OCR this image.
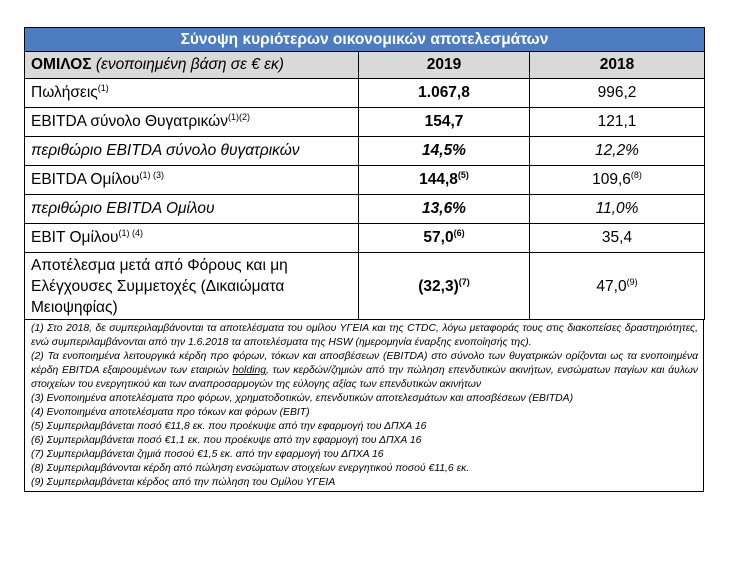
Σύνοψη κυριότερων οικονομικών αποτελεσμάτων		
ΟΜΙΛΟΣ (ενοποιημένη βάση σε € εκ)	2019	2018
Πωλήσεις$^{(1)}$	1.067,8	996,2
EBITDA σύνολο Θυγατρικών$^{(1)(2)}$	154,7	121,1
περιθώριο EBITDA σύνολο θυγατρικών	14,5%	12,2%
EBITDA Ομίλου$^{(1) (3)}$	144,8$^{(5)}$	109,6$^{(8)}$
περιθώριο EBITDA Ομίλου	13,6%	11,0%
EBIT Ομίλου$^{(1) (4)}$	57,0$^{(6)}$	35,4
Αποτέλεσμα μετά από Φόρους και μη Ελέγχουσες Συμμετοχές (Δικαιώματα Μειοψηφίας)	$(32,3)^{(7)}$	47,0$^{(9)}$
(1) Στο 2018, δε συμπεριλαμβάνονται τα αποτελέσματα του ομίλου ΥΓΕΙΑ και της CTDC, λόγω μεταφοράς τους στις διακοπείσες δραστηριότητες, ενώ συμπεριλαμβάνονται από την 1.6.2018 τα αποτελέσματα της HSW (ημερομηνία έναρξης ενοποίησής της).
(2) Τα ενοποιημένα λειτουργικά κέρδη προ φόρων, τόκων και αποσβέσεων (EBITDA) στο σύνολο των θυγατρικών ορίζονται ως τα ενοποιημένα κέρδη EBITDA εξαιρουμένων των εταιριών holding, των κερδών/ζημιών από την πώληση επενδυτικών ακινήτων, ενσώματων παγίων και άυλων στοιχείων του ενεργητικού και των αναπροσαρμογών της εύλογης αξίας των επενδυτικών ακινήτων
(3) Ενοποιημένα αποτελέσματα προ φόρων, χρηματοδοτικών, επενδυτικών αποτελεσμάτων και αποσβέσεων (EBITDA)
(4) Ενοποιημένα αποτελέσματα προ τόκων και φόρων (EBIT)
(5) Συμπεριλαμβάνεται ποσό €11,8 εκ. που προέκυψε από την εφαρμογή του ΔΠΧΑ 16
(6) Συμπεριλαμβάνεται ποσό €1,1 εκ. που προέκυψε από την εφαρμογή του ΔΠΧΑ 16
(7) Συμπεριλαμβάνεται ζημιά ποσού €1,5 εκ. από την εφαρμογή του ΔΠΧΑ 16
(8) Συμπεριλαμβάνονται κέρδη από πώληση ενσώματων στοιχείων ενεργητικού ποσού €11,6 εκ.
(9) Συμπεριλαμβάνεται κέρδος από την πώληση του Ομίλου ΥΓΕΙΑ
